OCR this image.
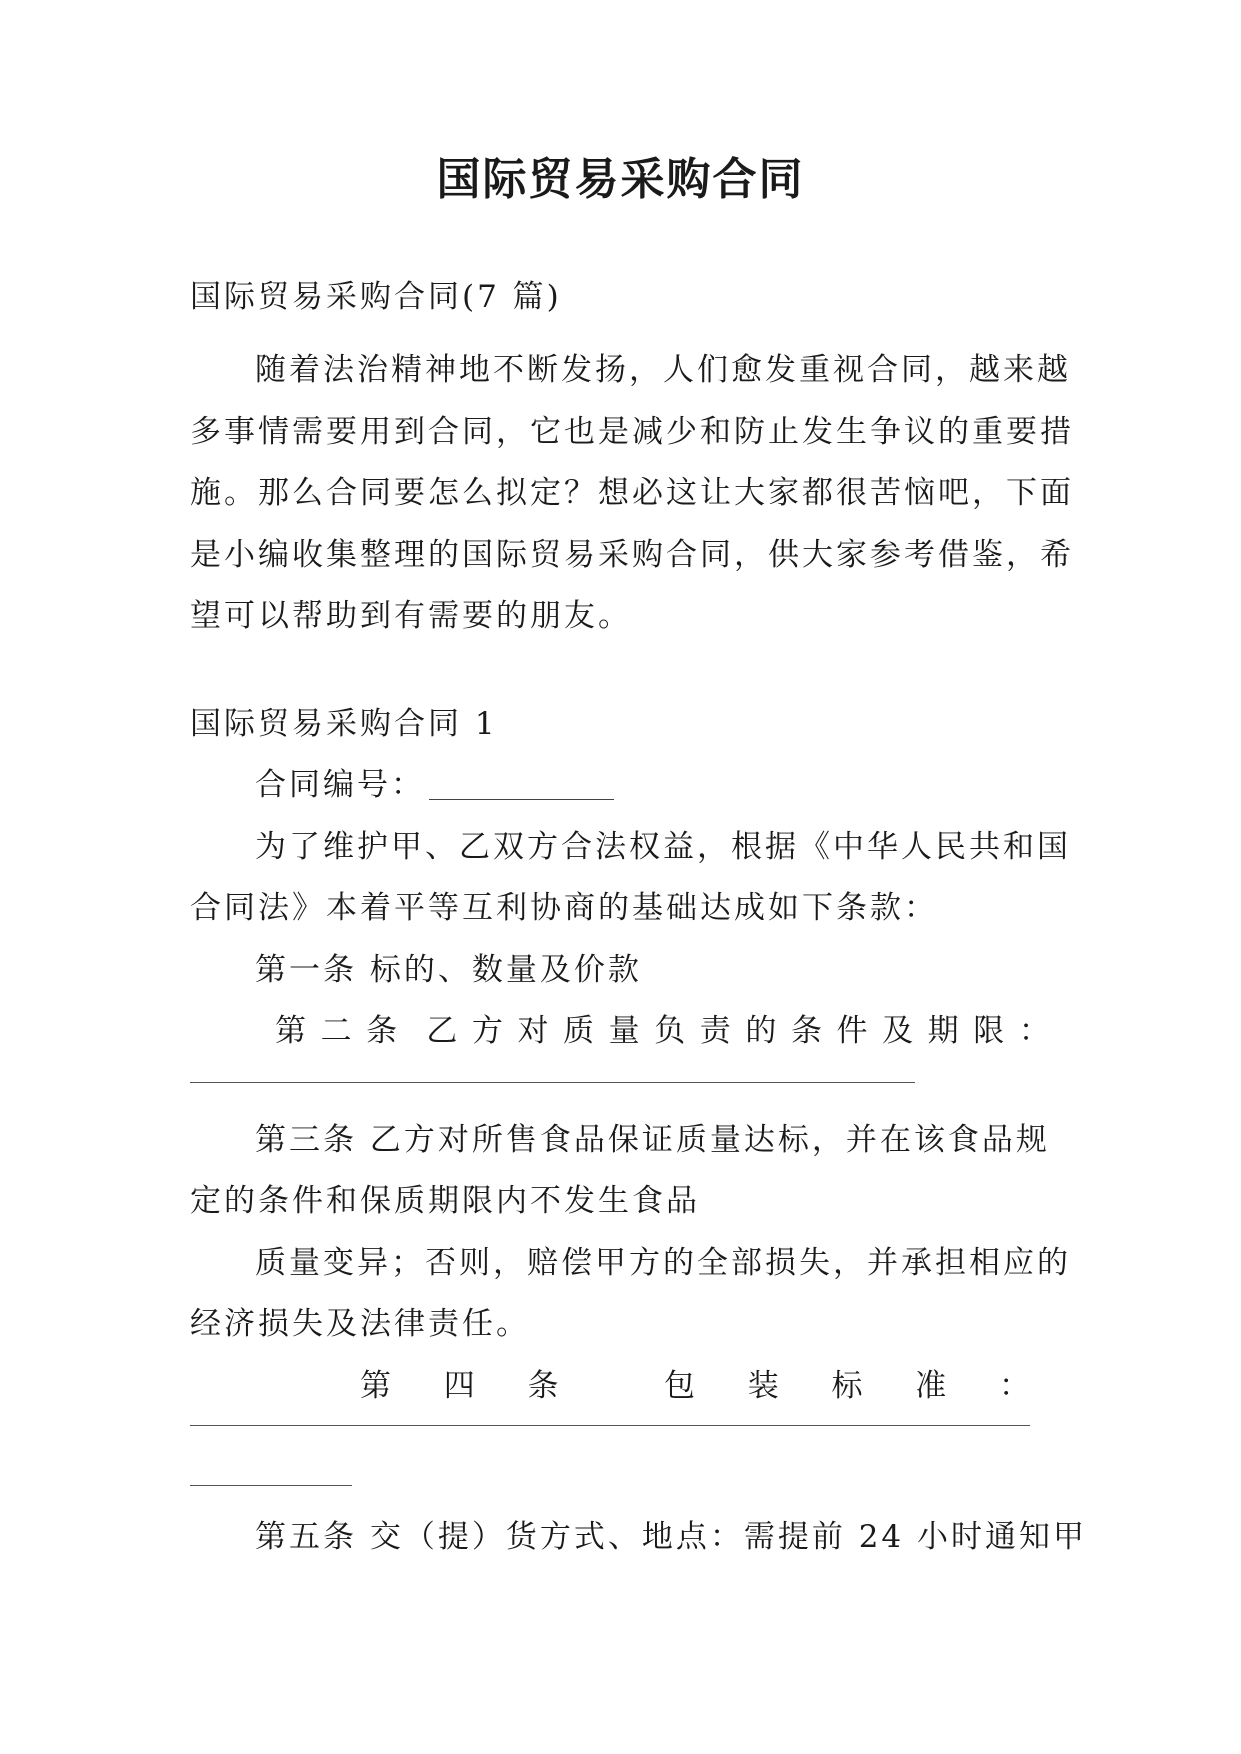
国际贸易采购合同
国际贸易采购合同(7 篇)
随着法治精神地不断发扬，人们愈发重视合同，越来越
多事情需要用到合同，它也是减少和防止发生争议的重要措
施。那么合同要怎么拟定？想必这让大家都很苦恼吧，下面
是小编收集整理的国际贸易采购合同，供大家参考借鉴，希
望可以帮助到有需要的朋友。
国际贸易采购合同 1
合同编号：
为了维护甲、乙双方合法权益，根据《中华人民共和国
合同法》本着平等互利协商的基础达成如下条款：
第一条 标的、数量及价款
第 二 条 乙 方 对 质 量 负 责 的 条 件 及 期 限 ：
第三条 乙方对所售食品保证质量达标，并在该食品规
定的条件和保质期限内不发生食品
质量变异；否则，赔偿甲方的全部损失，并承担相应的
经济损失及法律责任。
第 四 条	包 装 标 准 ：
第五条 交（提）货方式、地点：需提前 24 小时通知甲
